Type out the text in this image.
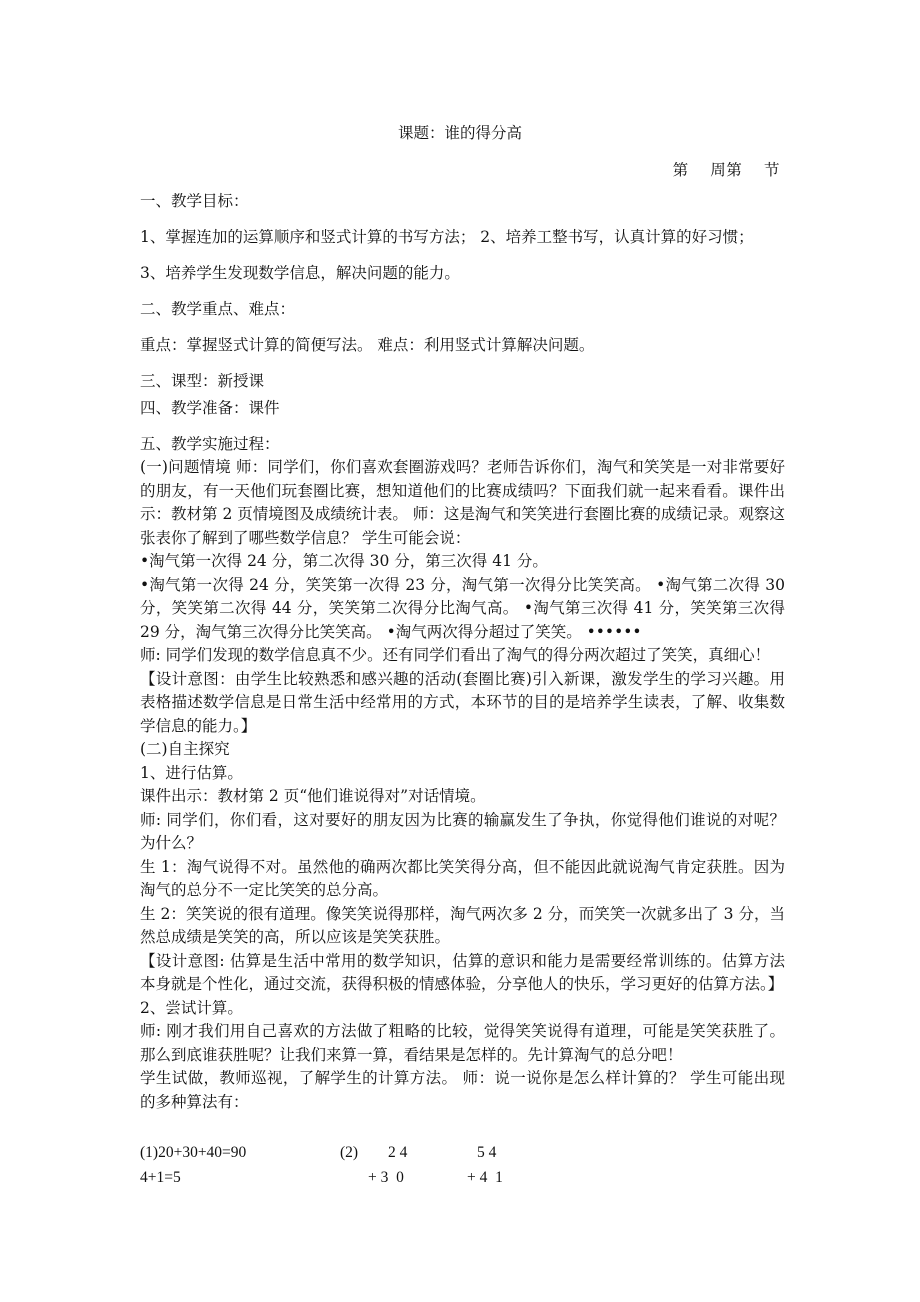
课题：谁的得分高
第    周第    节

一、教学目标：

1、掌握连加的运算顺序和竖式计算的书写方法； 2、培养工整书写，认真计算的好习惯；

3、培养学生发现数学信息，解决问题的能力。

二、教学重点、难点：

重点：掌握竖式计算的简便写法。 难点：利用竖式计算解决问题。

三、课型：新授课

四、教学准备：课件

五、教学实施过程：

(一)问题情境 师：同学们，你们喜欢套圈游戏吗？老师告诉你们，淘气和笑笑是一对非常要好的朋友，有一天他们玩套圈比赛，想知道他们的比赛成绩吗？下面我们就一起来看看。课件出示：教材第 2 页情境图及成绩统计表。 师：这是淘气和笑笑进行套圈比赛的成绩记录。观察这张表你了解到了哪些数学信息？ 学生可能会说：

•淘气第一次得 24 分，第二次得 30 分，第三次得 41 分。

•淘气第一次得 24 分，笑笑第一次得 23 分，淘气第一次得分比笑笑高。 •淘气第二次得 30 分，笑笑第二次得 44 分，笑笑第二次得分比淘气高。 •淘气第三次得 41 分，笑笑第三次得 29 分，淘气第三次得分比笑笑高。 •淘气两次得分超过了笑笑。 ••••••

师: 同学们发现的数学信息真不少。还有同学们看出了淘气的得分两次超过了笑笑，真细心！

【设计意图：由学生比较熟悉和感兴趣的活动(套圈比赛)引入新课，激发学生的学习兴趣。用表格描述数学信息是日常生活中经常用的方式，本环节的目的是培养学生读表，了解、收集数学信息的能力。】

(二)自主探究

1、进行估算。

课件出示：教材第 2 页“他们谁说得对”对话情境。

师: 同学们，你们看，这对要好的朋友因为比赛的输赢发生了争执，你觉得他们谁说的对呢？为什么？

生 1：淘气说得不对。虽然他的确两次都比笑笑得分高，但不能因此就说淘气肯定获胜。因为淘气的总分不一定比笑笑的总分高。

生 2：笑笑说的很有道理。像笑笑说得那样，淘气两次多 2 分，而笑笑一次就多出了 3 分，当然总成绩是笑笑的高，所以应该是笑笑获胜。

【设计意图: 估算是生活中常用的数学知识，估算的意识和能力是需要经常训练的。估算方法本身就是个性化，通过交流，获得积极的情感体验，分享他人的快乐，学习更好的估算方法。】

2、尝试计算。

师: 刚才我们用自己喜欢的方法做了粗略的比较，觉得笑笑说得有道理，可能是笑笑获胜了。那么到底谁获胜呢？让我们来算一算，看结果是怎样的。先计算淘气的总分吧！

学生试做，教师巡视，了解学生的计算方法。 师：说一说你是怎么样计算的？ 学生可能出现的多种算法有：

(1)20+30+40=90	(2) 2 4	5 4
4+1=5	+ 3  0	+ 4  1
